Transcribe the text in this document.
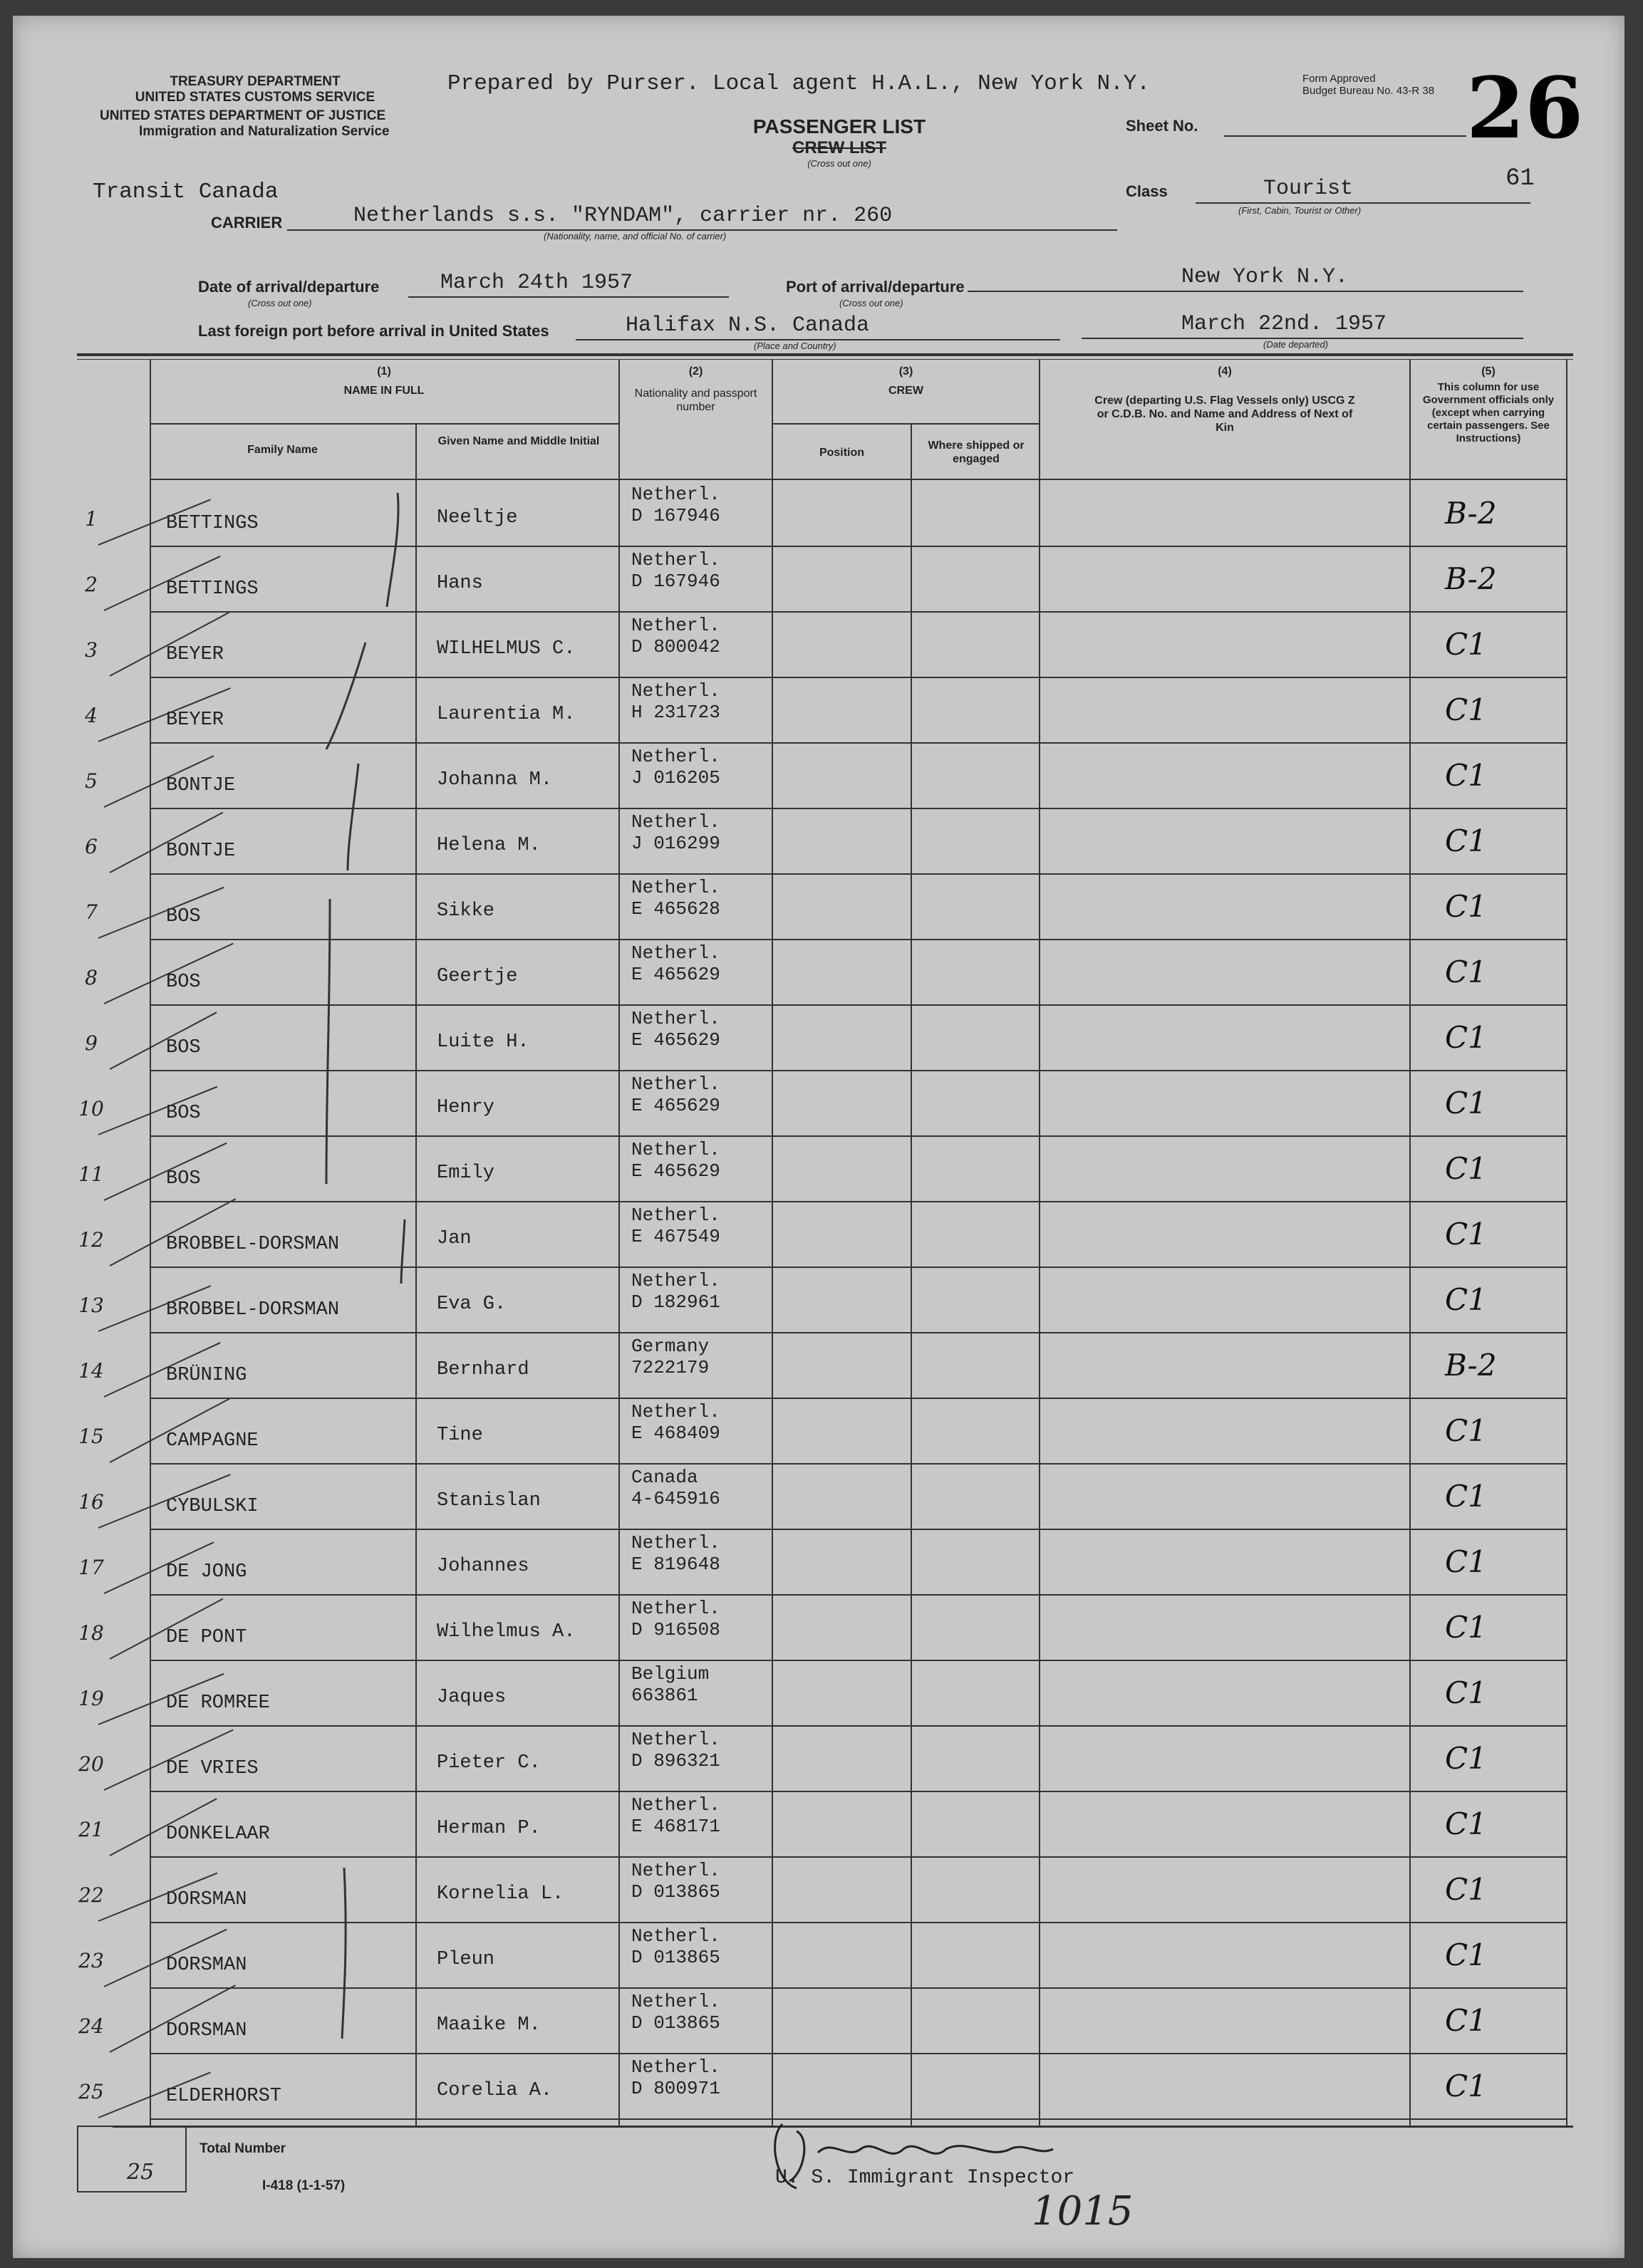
TREASURY DEPARTMENT
UNITED STATES CUSTOMS SERVICE
UNITED STATES DEPARTMENT OF JUSTICE
Immigration and Naturalization Service
Prepared by Purser. Local agent H.A.L., New York N.Y.	Form Approved
Budget Bureau No. 43-R 38 26
Sheet No.
61
PASSENGER LIST
CREW LIST
(Cross out one)
Transit Canada	Class	Tourist
(First, Cabin, Tourist or Other)
CARRIER	Netherlands s.s. "RYNDAM", carrier nr. 260
(Nationality, name, and official No. of carrier)
Date of arrival/departure	March 24th 1957
(Cross out one)
Port of arrival/departure	New York N.Y.
(Cross out one)
Last foreign port before arrival in United States	Halifax N.S. Canada
(Place and Country)
March 22nd. 1957
(Date departed)
(1)
NAME IN FULL
Family Name
Given Name and Middle Initial
(2)
Nationality and passport number
(3)
CREW
Position
Where shipped or engaged
(4)
Crew (departing U.S. Flag Vessels only) USCG Z or C.D.B. No. and Name and Address of Next of Kin
(5)
This column for use Government officials only (except when carrying certain passengers. See Instructions)
1	BETTINGS	Neeltje
Netherl.
D 167946	B-2
2	BETTINGS	Hans
Netherl.
D 167946	B-2
3	BEYER	WILHELMUS C.
Netherl.
D 800042	C1
4	BEYER	Laurentia M.
Netherl.
H 231723	C1
5	BONTJE	Johanna M.
Netherl.
J 016205	C1
6	BONTJE	Helena M.
Netherl.
J 016299	C1
7	BOS	Sikke
Netherl.
E 465628	C1
8	BOS	Geertje
Netherl.
E 465629	C1
9	BOS	Luite H.
Netherl.
E 465629	C1
10	BOS	Henry
Netherl.
E 465629	C1
11	BOS	Emily
Netherl.
E 465629	C1
12	BROBBEL-DORSMAN	Jan
Netherl.
E 467549	C1
13	BROBBEL-DORSMAN	Eva G.
Netherl.
D 182961	C1
14	BRÜNING	Bernhard
Germany
7222179	B-2
15	CAMPAGNE	Tine
Netherl.
E 468409	C1
16	CYBULSKI	Stanislan
Canada
4-645916	C1
17	DE JONG	Johannes
Netherl.
E 819648	C1
18	DE PONT	Wilhelmus A.
Netherl.
D 916508	C1
19	DE ROMREE	Jaques
Belgium
663861	C1
20	DE VRIES	Pieter C.
Netherl.
D 896321	C1
21	DONKELAAR	Herman P.
Netherl.
E 468171	C1
22	DORSMAN	Kornelia L.
Netherl.
D 013865	C1
23	DORSMAN	Pleun
Netherl.
D 013865	C1
24	DORSMAN	Maaike M.
Netherl.
D 013865	C1
25	ELDERHORST	Corelia A.
Netherl.
D 800971	C1
25
Total Number
I-418 (1-1-57)	U. S. Immigrant Inspector
1015
